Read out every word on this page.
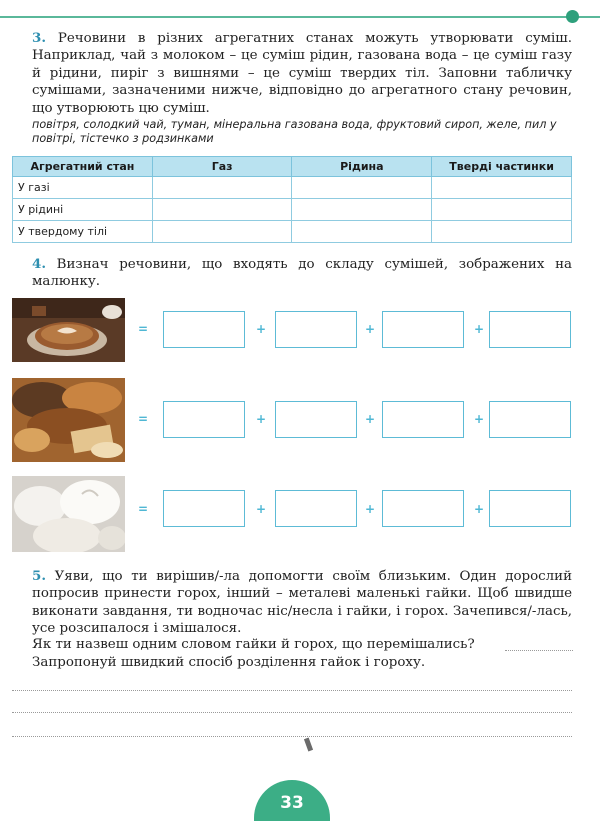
3. Речовини в різних агрегатних станах можуть утворювати суміш. Наприклад, чай з молоком – це суміш рідин, газована вода – це суміш газу й рідини, пиріг з вишнями – це суміш твердих тіл. Заповни табличку сумішами, зазначеними нижче, відповідно до агрегатного стану речовин, що утворюють цю суміш.

повітря, солодкий чай, туман, мінеральна газована вода, фруктовий сироп, желе, пил у повітрі, тістечко з родзинками

Агрегатний стан	Газ	Рідина	Тверді частинки
У газі			
У рідині			
У твердому тілі			

4. Визнач речовини, що входять до складу сумішей, зображених на малюнку.

=	+	+	+
=	+	+	+
=	+	+	+

5. Уяви, що ти вирішив/-ла допомогти своїм близьким. Один дорослий попросив принести горох, інший – металеві маленькі гайки. Щоб швидше виконати завдання, ти водночас ніс/несла і гайки, і горох. Зачепився/-лась, усе розсипалося і змішалося.

Як ти назвеш одним словом гайки й горох, що перемішались?

Запропонуй швидкий спосіб розділення гайок і гороху.

33
